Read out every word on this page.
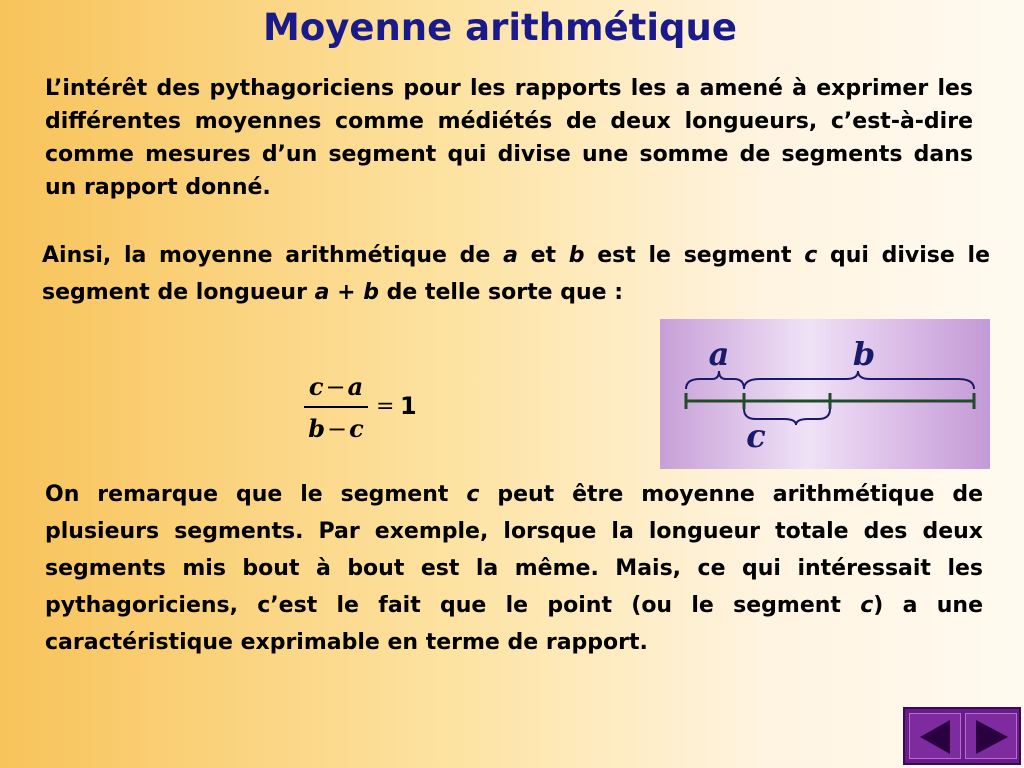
Moyenne arithmétique

L’intérêt des pythagoriciens pour les rapports les a amené à exprimer les différentes moyennes comme médiétés de deux longueurs, c’est-à-dire comme mesures d’un segment qui divise une somme de segments dans un rapport donné.

Ainsi, la moyenne arithmétique de a et b est le segment c qui divise le segment de longueur a + b de telle sorte que :

c−a
b−c
= 1
a	b
c

On remarque que le segment c peut être moyenne arithmétique de plusieurs segments. Par exemple, lorsque la longueur totale des deux segments mis bout à bout est la même. Mais, ce qui intéressait les pythagoriciens, c’est le fait que le point (ou le segment c) a une caractéristique exprimable en terme de rapport.
